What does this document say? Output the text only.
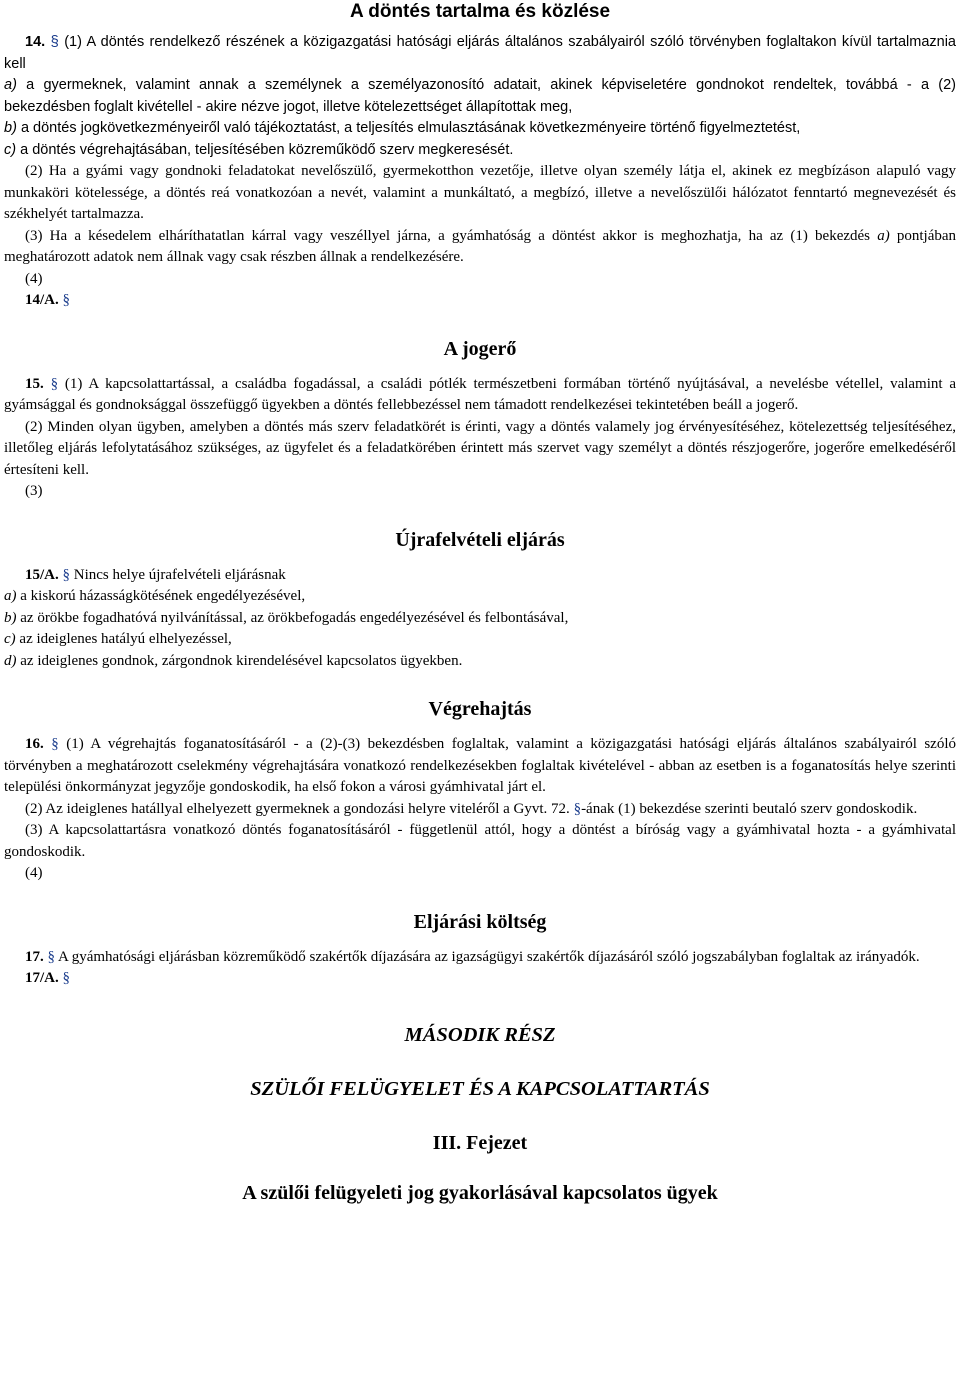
A döntés tartalma és közlése

14. § (1) A döntés rendelkező részének a közigazgatási hatósági eljárás általános szabályairól szóló törvényben foglaltakon kívül tartalmaznia kell

a) a gyermeknek, valamint annak a személynek a személyazonosító adatait, akinek képviseletére gondnokot rendeltek, továbbá - a (2) bekezdésben foglalt kivétellel - akire nézve jogot, illetve kötelezettséget állapítottak meg,

b) a döntés jogkövetkezményeiről való tájékoztatást, a teljesítés elmulasztásának következményeire történő figyelmeztetést,

c) a döntés végrehajtásában, teljesítésében közreműködő szerv megkeresését.

(2) Ha a gyámi vagy gondnoki feladatokat nevelőszülő, gyermekotthon vezetője, illetve olyan személy látja el, akinek ez megbízáson alapuló vagy munkaköri kötelessége, a döntés reá vonatkozóan a nevét, valamint a munkáltató, a megbízó, illetve a nevelőszülői hálózatot fenntartó megnevezését és székhelyét tartalmazza.

(3) Ha a késedelem elháríthatatlan kárral vagy veszéllyel járna, a gyámhatóság a döntést akkor is meghozhatja, ha az (1) bekezdés a) pontjában meghatározott adatok nem állnak vagy csak részben állnak a rendelkezésére.

(4)

14/A. §

A jogerő

15. § (1) A kapcsolattartással, a családba fogadással, a családi pótlék természetbeni formában történő nyújtásával, a nevelésbe vétellel, valamint a gyámsággal és gondnoksággal összefüggő ügyekben a döntés fellebbezéssel nem támadott rendelkezései tekintetében beáll a jogerő.

(2) Minden olyan ügyben, amelyben a döntés más szerv feladatkörét is érinti, vagy a döntés valamely jog érvényesítéséhez, kötelezettség teljesítéséhez, illetőleg eljárás lefolytatásához szükséges, az ügyfelet és a feladatkörében érintett más szervet vagy személyt a döntés részjogerőre, jogerőre emelkedéséről értesíteni kell.

(3)

Újrafelvételi eljárás

15/A. § Nincs helye újrafelvételi eljárásnak

a) a kiskorú házasságkötésének engedélyezésével,

b) az örökbe fogadhatóvá nyilvánítással, az örökbefogadás engedélyezésével és felbontásával,

c) az ideiglenes hatályú elhelyezéssel,

d) az ideiglenes gondnok, zárgondnok kirendelésével kapcsolatos ügyekben.

Végrehajtás

16. § (1) A végrehajtás foganatosításáról - a (2)-(3) bekezdésben foglaltak, valamint a közigazgatási hatósági eljárás általános szabályairól szóló törvényben a meghatározott cselekmény végrehajtására vonatkozó rendelkezésekben foglaltak kivételével - abban az esetben is a foganatosítás helye szerinti települési önkormányzat jegyzője gondoskodik, ha első fokon a városi gyámhivatal járt el.

(2) Az ideiglenes hatállyal elhelyezett gyermeknek a gondozási helyre viteléről a Gyvt. 72. §-ának (1) bekezdése szerinti beutaló szerv gondoskodik.

(3) A kapcsolattartásra vonatkozó döntés foganatosításáról - függetlenül attól, hogy a döntést a bíróság vagy a gyámhivatal hozta - a gyámhivatal gondoskodik.

(4)

Eljárási költség

17. § A gyámhatósági eljárásban közreműködő szakértők díjazására az igazságügyi szakértők díjazásáról szóló jogszabályban foglaltak az irányadók.

17/A. §

MÁSODIK RÉSZ
SZÜLŐI FELÜGYELET ÉS A KAPCSOLATTARTÁS
III. Fejezet
A szülői felügyeleti jog gyakorlásával kapcsolatos ügyek
